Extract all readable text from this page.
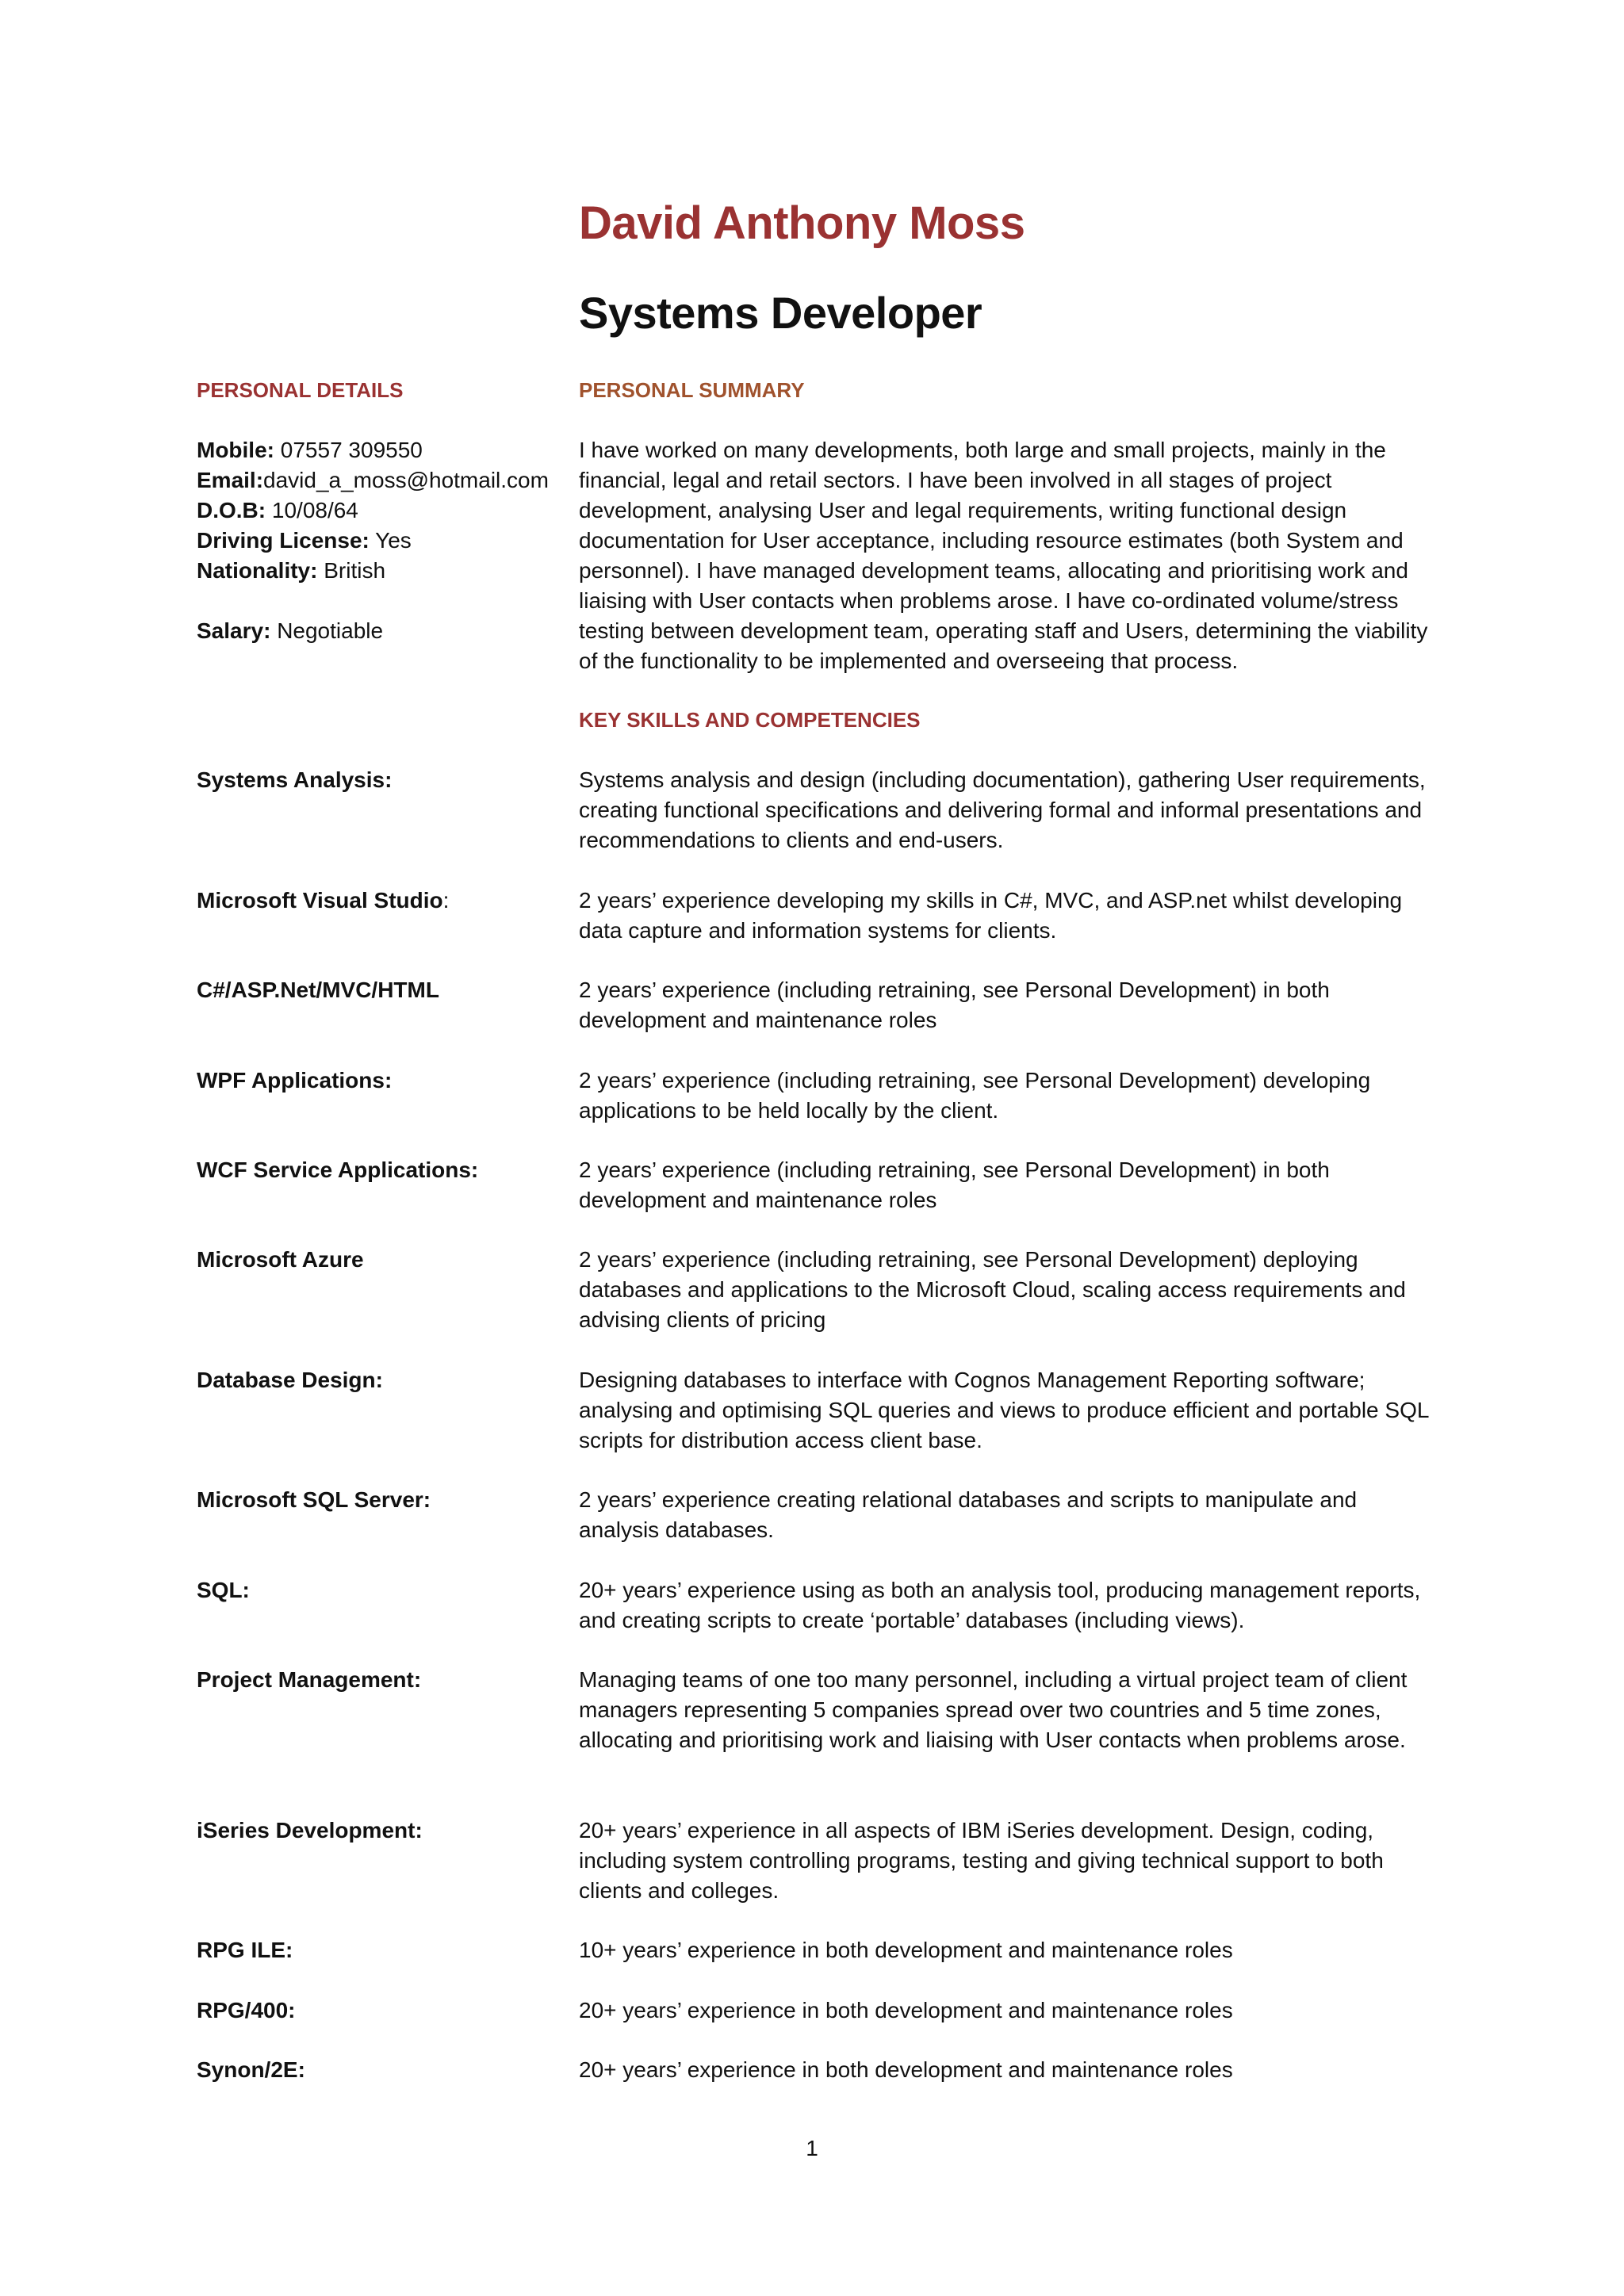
David Anthony Moss
Systems Developer
PERSONAL DETAILS	PERSONAL SUMMARY
Mobile: 07557 309550
Email:david_a_moss@hotmail.com
D.O.B: 10/08/64
Driving License: Yes
Nationality: British
Salary: Negotiable
I have worked on many developments, both large and small projects, mainly in the financial, legal and retail sectors. I have been involved in all stages of project development, analysing User and legal requirements, writing functional design documentation for User acceptance, including resource estimates (both System and personnel). I have managed development teams, allocating and prioritising work and liaising with User contacts when problems arose. I have co-ordinated volume/stress testing between development team, operating staff and Users, determining the viability of the functionality to be implemented and overseeing that process.
KEY SKILLS AND COMPETENCIES
Systems Analysis:	Systems analysis and design (including documentation), gathering User requirements, creating functional specifications and delivering formal and informal presentations and recommendations to clients and end-users.
Microsoft Visual Studio:	2 years’ experience developing my skills in C#, MVC, and ASP.net whilst developing data capture and information systems for clients.
C#/ASP.Net/MVC/HTML	2 years’ experience (including retraining, see Personal Development) in both development and maintenance roles
WPF Applications:	2 years’ experience (including retraining, see Personal Development) developing applications to be held locally by the client.
WCF Service Applications:	2 years’ experience (including retraining, see Personal Development) in both development and maintenance roles
Microsoft Azure	2 years’ experience (including retraining, see Personal Development) deploying databases and applications to the Microsoft Cloud, scaling access requirements and advising clients of pricing
Database Design:	Designing databases to interface with Cognos Management Reporting software; analysing and optimising SQL queries and views to produce efficient and portable SQL scripts for distribution access client base.
Microsoft SQL Server:	2 years’ experience creating relational databases and scripts to manipulate and analysis databases.
SQL:	20+ years’ experience using as both an analysis tool, producing management reports, and creating scripts to create ‘portable’ databases (including views).
Project Management:	Managing teams of one too many personnel, including a virtual project team of client managers representing 5 companies spread over two countries and 5 time zones, allocating and prioritising work and liaising with User contacts when problems arose.
iSeries Development:	20+ years’ experience in all aspects of IBM iSeries development. Design, coding, including system controlling programs, testing and giving technical support to both clients and colleges.
RPG ILE:	10+ years’ experience in both development and maintenance roles
RPG/400:	20+ years’ experience in both development and maintenance roles
Synon/2E:	20+ years’ experience in both development and maintenance roles
1
